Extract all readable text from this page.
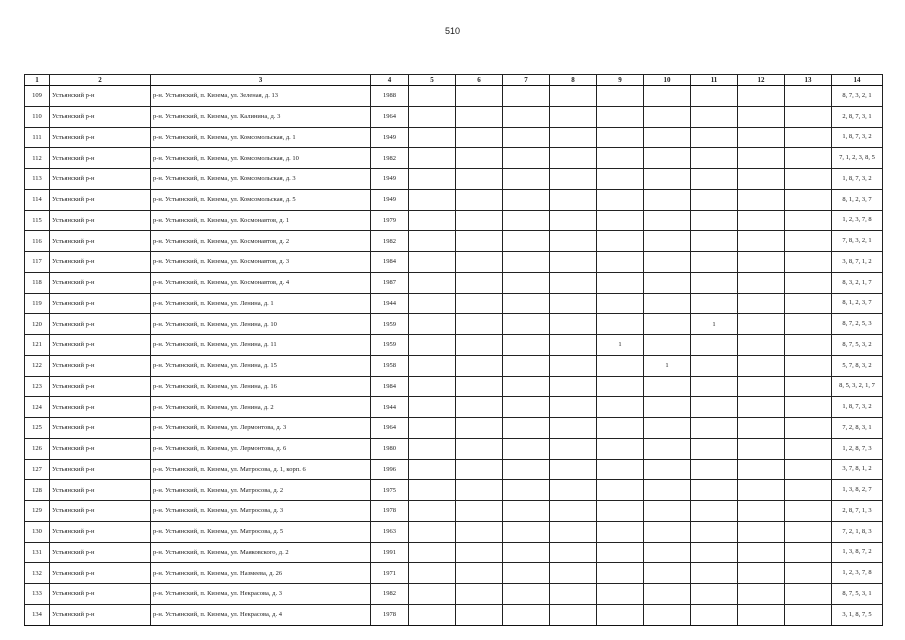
510
1	2	3	4	5	6	7	8	9	10	11	12	13	14
109	Устьянский р-н	р-н. Устьянский, п. Кизема, ул. Зеленая, д. 13	1988										8, 7, 3, 2, 1
110	Устьянский р-н	р-н. Устьянский, п. Кизема, ул. Калинина, д. 3	1964										2, 8, 7, 3, 1
111	Устьянский р-н	р-н. Устьянский, п. Кизема, ул. Комсомольская, д. 1	1949										1, 8, 7, 3, 2
112	Устьянский р-н	р-н. Устьянский, п. Кизема, ул. Комсомольская, д. 10	1982										7, 1, 2, 3, 8, 5
113	Устьянский р-н	р-н. Устьянский, п. Кизема, ул. Комсомольская, д. 3	1949										1, 8, 7, 3, 2
114	Устьянский р-н	р-н. Устьянский, п. Кизема, ул. Комсомольская, д. 5	1949										8, 1, 2, 3, 7
115	Устьянский р-н	р-н. Устьянский, п. Кизема, ул. Космонавтов, д. 1	1979										1, 2, 3, 7, 8
116	Устьянский р-н	р-н. Устьянский, п. Кизема, ул. Космонавтов, д. 2	1982										7, 8, 3, 2, 1
117	Устьянский р-н	р-н. Устьянский, п. Кизема, ул. Космонавтов, д. 3	1984										3, 8, 7, 1, 2
118	Устьянский р-н	р-н. Устьянский, п. Кизема, ул. Космонавтов, д. 4	1987										8, 3, 2, 1, 7
119	Устьянский р-н	р-н. Устьянский, п. Кизема, ул. Ленина, д. 1	1944										8, 1, 2, 3, 7
120	Устьянский р-н	р-н. Устьянский, п. Кизема, ул. Ленина, д. 10	1959							1			8, 7, 2, 5, 3
121	Устьянский р-н	р-н. Устьянский, п. Кизема, ул. Ленина, д. 11	1959					1					8, 7, 5, 3, 2
122	Устьянский р-н	р-н. Устьянский, п. Кизема, ул. Ленина, д. 15	1958						1				5, 7, 8, 3, 2
123	Устьянский р-н	р-н. Устьянский, п. Кизема, ул. Ленина, д. 16	1984										8, 5, 3, 2, 1, 7
124	Устьянский р-н	р-н. Устьянский, п. Кизема, ул. Ленина, д. 2	1944										1, 8, 7, 3, 2
125	Устьянский р-н	р-н. Устьянский, п. Кизема, ул. Лермонтова, д. 3	1964										7, 2, 8, 3, 1
126	Устьянский р-н	р-н. Устьянский, п. Кизема, ул. Лермонтова, д. 6	1980										1, 2, 8, 7, 3
127	Устьянский р-н	р-н. Устьянский, п. Кизема, ул. Матросова, д. 1, корп. 6	1996										3, 7, 8, 1, 2
128	Устьянский р-н	р-н. Устьянский, п. Кизема, ул. Матросова, д. 2	1975										1, 3, 8, 2, 7
129	Устьянский р-н	р-н. Устьянский, п. Кизема, ул. Матросова, д. 3	1978										2, 8, 7, 1, 3
130	Устьянский р-н	р-н. Устьянский, п. Кизема, ул. Матросова, д. 5	1963										7, 2, 1, 8, 3
131	Устьянский р-н	р-н. Устьянский, п. Кизема, ул. Маяковского, д. 2	1991										1, 3, 8, 7, 2
132	Устьянский р-н	р-н. Устьянский, п. Кизема, ул. Назмеева, д. 26	1971										1, 2, 3, 7, 8
133	Устьянский р-н	р-н. Устьянский, п. Кизема, ул. Некрасова, д. 3	1982										8, 7, 5, 3, 1
134	Устьянский р-н	р-н. Устьянский, п. Кизема, ул. Некрасова, д. 4	1978										3, 1, 8, 7, 5
